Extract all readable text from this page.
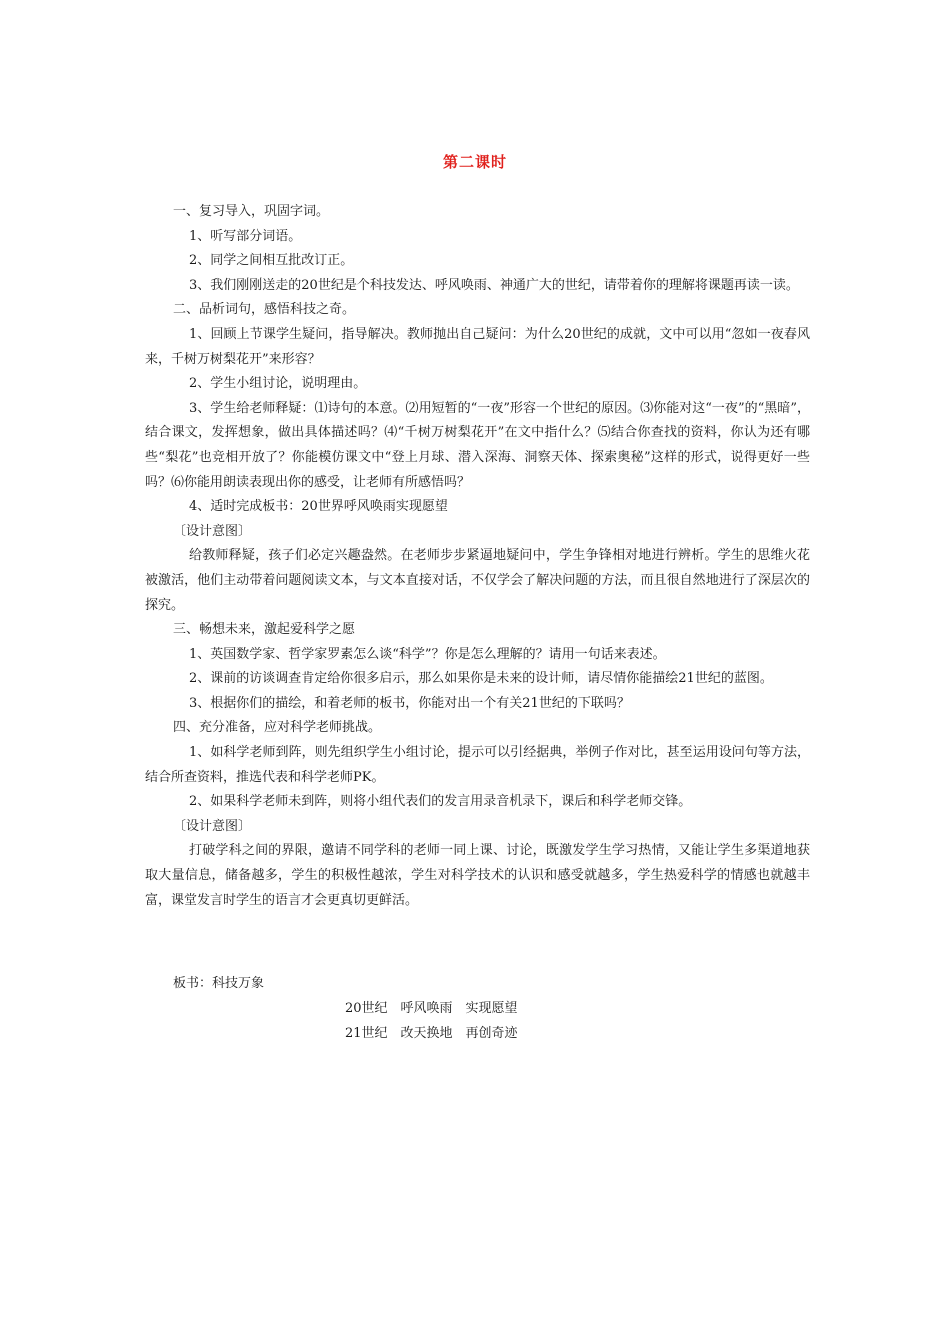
第二课时

一、复习导入，巩固字词。

1、听写部分词语。

2、同学之间相互批改订正。

3、我们刚刚送走的20世纪是个科技发达、呼风唤雨、神通广大的世纪，请带着你的理解将课题再读一读。

二、品析词句，感悟科技之奇。

1、回顾上节课学生疑问，指导解决。教师抛出自己疑问：为什么20世纪的成就，文中可以用“忽如一夜春风来，千树万树梨花开”来形容？

2、学生小组讨论，说明理由。

3、学生给老师释疑：⑴诗句的本意。⑵用短暂的“一夜”形容一个世纪的原因。⑶你能对这“一夜”的“黑暗”，结合课文，发挥想象，做出具体描述吗？⑷“千树万树梨花开”在文中指什么？⑸结合你查找的资料，你认为还有哪些“梨花”也竞相开放了？你能模仿课文中“登上月球、潜入深海、洞察天体、探索奥秘”这样的形式，说得更好一些吗？⑹你能用朗读表现出你的感受，让老师有所感悟吗？

4、适时完成板书：20世界呼风唤雨实现愿望

〔设计意图〕

给教师释疑，孩子们必定兴趣盎然。在老师步步紧逼地疑问中，学生争锋相对地进行辨析。学生的思维火花被激活，他们主动带着问题阅读文本，与文本直接对话，不仅学会了解决问题的方法，而且很自然地进行了深层次的探究。

三、畅想未来，激起爱科学之愿

1、英国数学家、哲学家罗素怎么谈“科学”？你是怎么理解的？请用一句话来表述。

2、课前的访谈调查肯定给你很多启示，那么如果你是未来的设计师，请尽情你能描绘21世纪的蓝图。

3、根据你们的描绘，和着老师的板书，你能对出一个有关21世纪的下联吗？

四、充分准备，应对科学老师挑战。

1、如科学老师到阵，则先组织学生小组讨论，提示可以引经据典，举例子作对比，甚至运用设问句等方法，结合所查资料，推选代表和科学老师PK。

2、如果科学老师未到阵，则将小组代表们的发言用录音机录下，课后和科学老师交锋。

〔设计意图〕

打破学科之间的界限，邀请不同学科的老师一同上课、讨论，既激发学生学习热情，又能让学生多渠道地获取大量信息，储备越多，学生的积极性越浓，学生对科学技术的认识和感受就越多，学生热爱科学的情感也就越丰富，课堂发言时学生的语言才会更真切更鲜活。

板书：科技万象
20世纪　呼风唤雨　实现愿望
21世纪　改天换地　再创奇迹
